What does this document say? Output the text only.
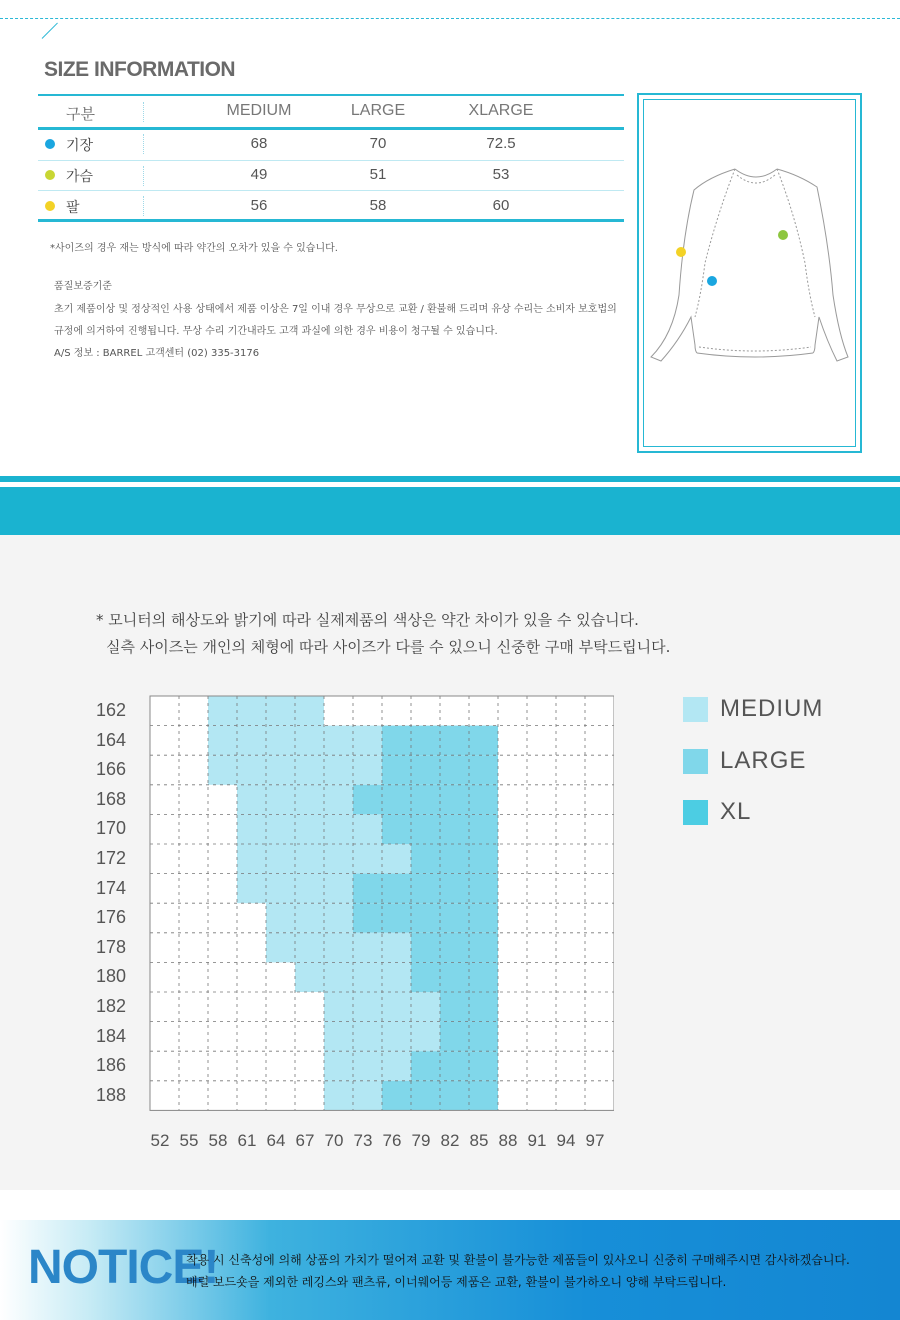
SIZE INFORMATION
구분	MEDIUM	LARGE	XLARGE
기장	68	70	72.5
가슴	49	51	53
팔	56	58	60
*사이즈의 경우 재는 방식에 따라 약간의 오차가 있을 수 있습니다.
품질보증기준
초기 제품이상 및 정상적인 사용 상태에서 제품 이상은 7일 이내 경우 무상으로 교환 / 환불해 드리며 유상 수리는 소비자 보호법의
규정에 의거하여 진행됩니다. 무상 수리 기간내라도 고객 과실에 의한 경우 비용이 청구될 수 있습니다.
A/S 정보 : BARREL 고객센터 (02) 335-3176
* 모니터의 해상도와 밝기에 따라 실제제품의 색상은 약간 차이가 있을 수 있습니다.
실측 사이즈는 개인의 체형에 따라 사이즈가 다를 수 있으니 신중한 구매 부탁드립니다.
162
164
166
168
170
172
174
176
178
180
182
184
186
188
52 55 58 61 64 67 70 73 76 79 82 85 88 91 94 97
MEDIUM
LARGE
XL
NOTICE!
착용 시 신축성에 의해 상품의 가치가 떨어져 교환 및 환불이 불가능한 제품들이 있사오니 신중히 구매해주시면 감사하겠습니다.
배럴 보드숏을 제외한 레깅스와 팬츠류, 이너웨어등 제품은 교환, 환불이 불가하오니 양해 부탁드립니다.
